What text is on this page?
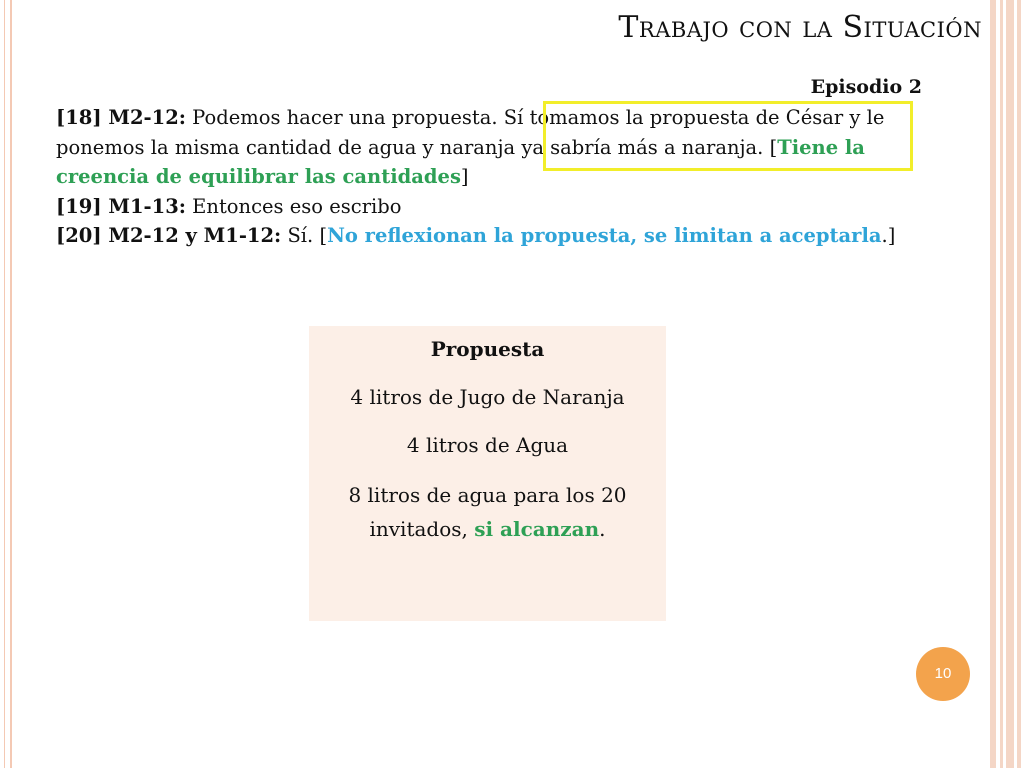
Trabajo con la Situación
Episodio 2

[18] M2-12: Podemos hacer una propuesta. Sí tomamos la propuesta de César y le ponemos la misma cantidad de agua y naranja ya sabría más a naranja. [Tiene la creencia de equilibrar las cantidades]

[19] M1-13: Entonces eso escribo

[20] M2-12 y M1-12: Sí. [No reflexionan la propuesta, se limitan a aceptarla.]

Propuesta
4 litros de Jugo de Naranja
4 litros de Agua
8 litros de agua para los 20 invitados, si alcanzan.
10
